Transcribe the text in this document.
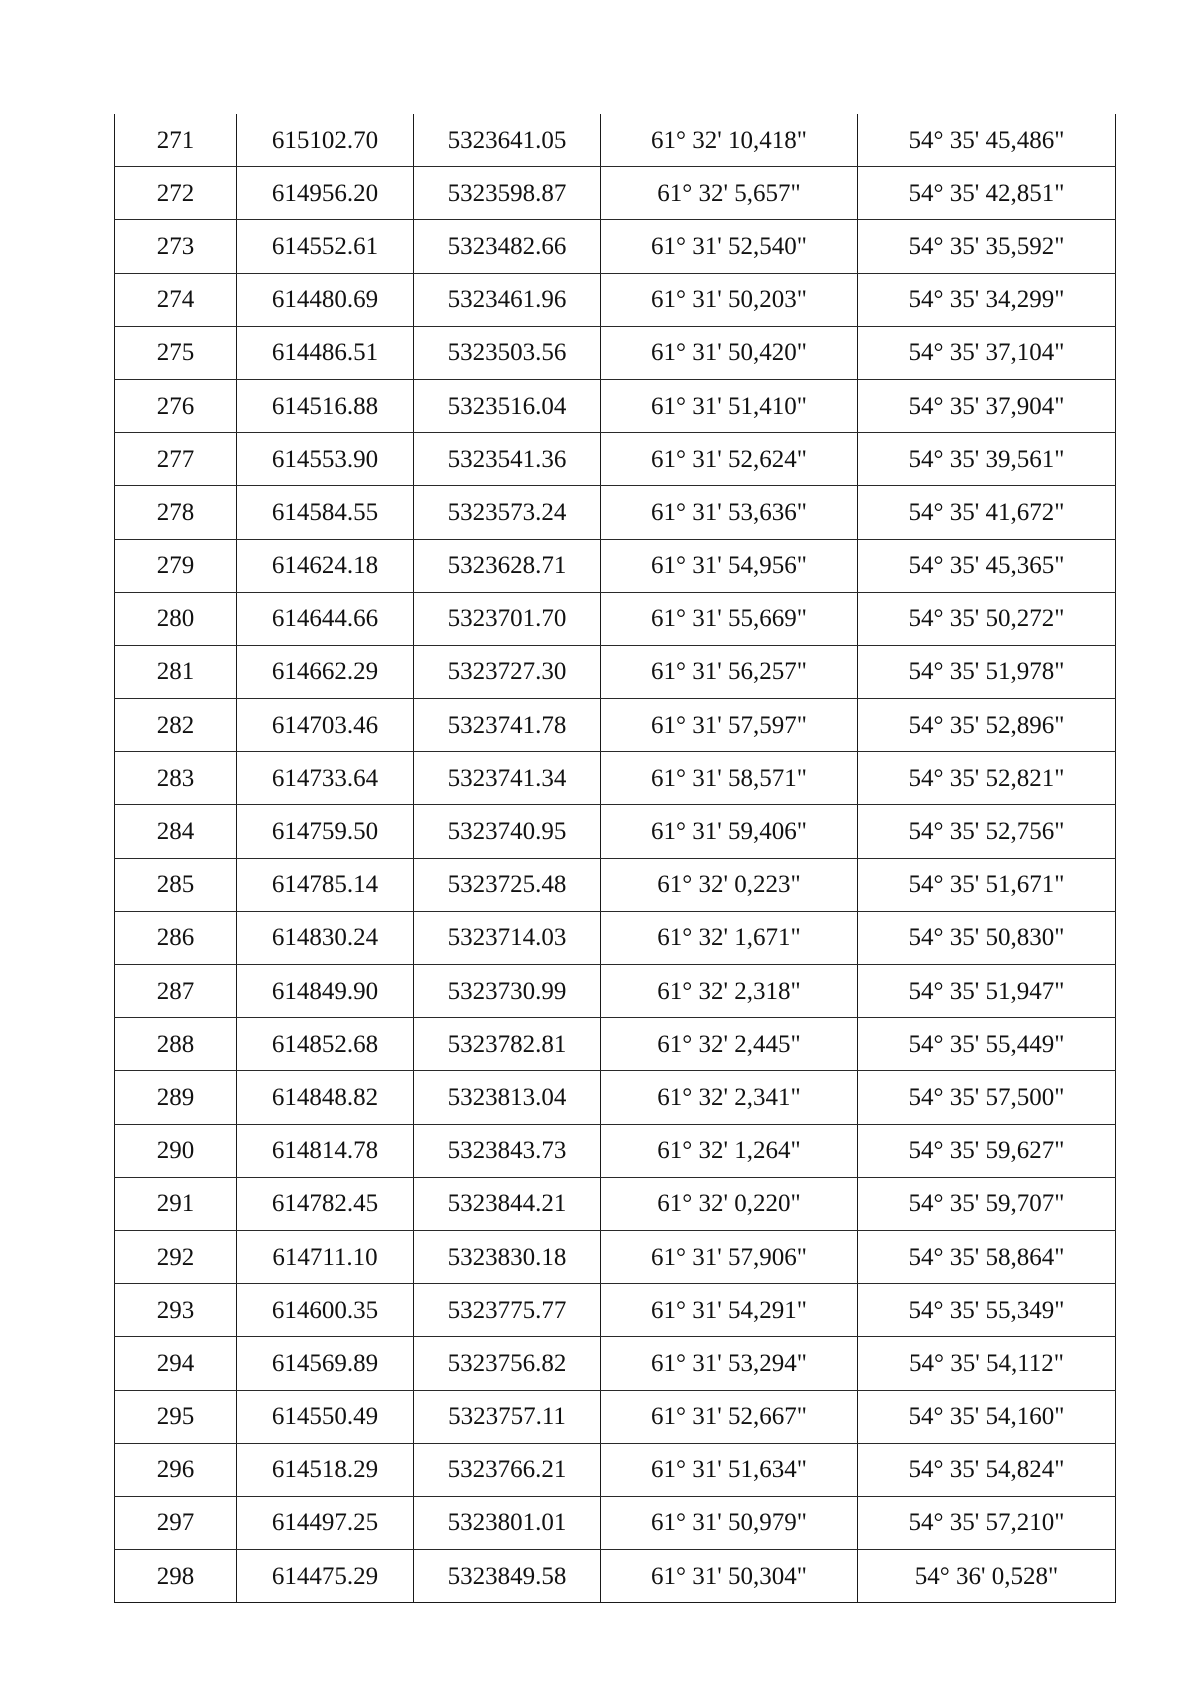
271	615102.70	5323641.05	61° 32' 10,418"	54° 35' 45,486"
272	614956.20	5323598.87	61° 32' 5,657"	54° 35' 42,851"
273	614552.61	5323482.66	61° 31' 52,540"	54° 35' 35,592"
274	614480.69	5323461.96	61° 31' 50,203"	54° 35' 34,299"
275	614486.51	5323503.56	61° 31' 50,420"	54° 35' 37,104"
276	614516.88	5323516.04	61° 31' 51,410"	54° 35' 37,904"
277	614553.90	5323541.36	61° 31' 52,624"	54° 35' 39,561"
278	614584.55	5323573.24	61° 31' 53,636"	54° 35' 41,672"
279	614624.18	5323628.71	61° 31' 54,956"	54° 35' 45,365"
280	614644.66	5323701.70	61° 31' 55,669"	54° 35' 50,272"
281	614662.29	5323727.30	61° 31' 56,257"	54° 35' 51,978"
282	614703.46	5323741.78	61° 31' 57,597"	54° 35' 52,896"
283	614733.64	5323741.34	61° 31' 58,571"	54° 35' 52,821"
284	614759.50	5323740.95	61° 31' 59,406"	54° 35' 52,756"
285	614785.14	5323725.48	61° 32' 0,223"	54° 35' 51,671"
286	614830.24	5323714.03	61° 32' 1,671"	54° 35' 50,830"
287	614849.90	5323730.99	61° 32' 2,318"	54° 35' 51,947"
288	614852.68	5323782.81	61° 32' 2,445"	54° 35' 55,449"
289	614848.82	5323813.04	61° 32' 2,341"	54° 35' 57,500"
290	614814.78	5323843.73	61° 32' 1,264"	54° 35' 59,627"
291	614782.45	5323844.21	61° 32' 0,220"	54° 35' 59,707"
292	614711.10	5323830.18	61° 31' 57,906"	54° 35' 58,864"
293	614600.35	5323775.77	61° 31' 54,291"	54° 35' 55,349"
294	614569.89	5323756.82	61° 31' 53,294"	54° 35' 54,112"
295	614550.49	5323757.11	61° 31' 52,667"	54° 35' 54,160"
296	614518.29	5323766.21	61° 31' 51,634"	54° 35' 54,824"
297	614497.25	5323801.01	61° 31' 50,979"	54° 35' 57,210"
298	614475.29	5323849.58	61° 31' 50,304"	54° 36' 0,528"
